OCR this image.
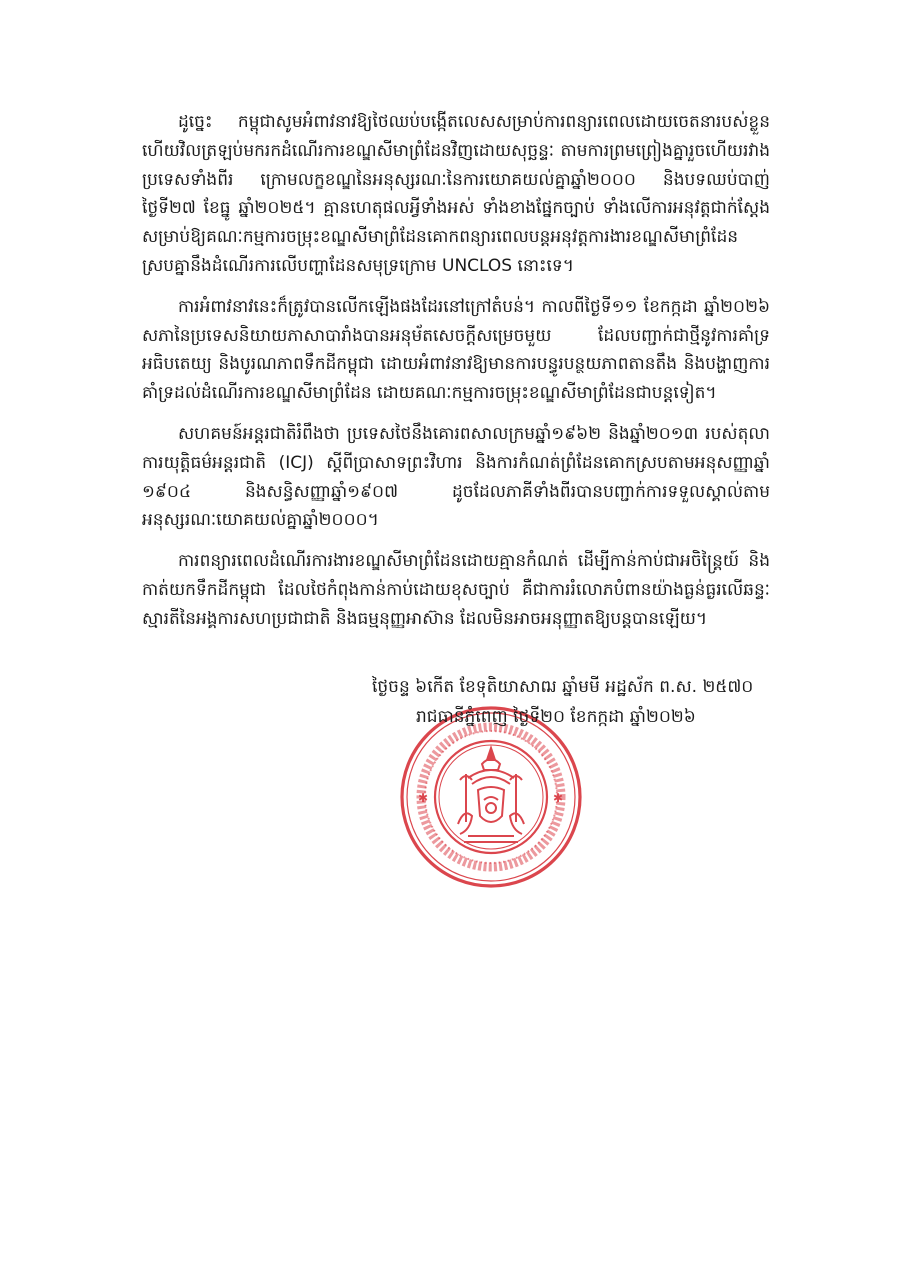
ដូច្នេះ កម្ពុជាសូមអំពាវនាវឱ្យថៃឈប់បង្កើតលេសសម្រាប់ការពន្យារពេលដោយចេតនារបស់ខ្លួន ហើយវិលត្រឡប់មករកដំណើរការខណ្ឌសីមាព្រំដែនវិញដោយសុច្ឆន្ទៈ តាមការព្រមព្រៀងគ្នារួចហើយរវាងប្រទេសទាំងពីរ ក្រោមលក្ខខណ្ឌនៃអនុស្សរណៈនៃការយោគយល់គ្នាឆ្នាំ២០០០ និងបទឈប់បាញ់ថ្ងៃទី២៧ ខែធ្នូ ឆ្នាំ២០២៥។ គ្មានហេតុផលអ្វីទាំងអស់ ទាំងខាងផ្នែកច្បាប់ ទាំងលើការអនុវត្តជាក់ស្តែង សម្រាប់ឱ្យគណៈកម្មការចម្រុះខណ្ឌសីមាព្រំដែនគោកពន្យារពេលបន្តអនុវត្តការងារខណ្ឌសីមាព្រំដែន ស្របគ្នានឹងដំណើរការលើបញ្ហាដែនសមុទ្រក្រោម UNCLOS នោះទេ។

ការអំពាវនាវនេះក៏ត្រូវបានលើកឡើងផងដែរនៅក្រៅតំបន់។ កាលពីថ្ងៃទី១១ ខែកក្កដា ឆ្នាំ២០២៦ សភានៃប្រទេសនិយាយភាសាបារាំងបានអនុម័តសេចក្តីសម្រេចមួយ ដែលបញ្ជាក់ជាថ្មីនូវការគាំទ្រអធិបតេយ្យ និងបូរណភាពទឹកដីកម្ពុជា ដោយអំពាវនាវឱ្យមានការបន្ធូរបន្ថយភាពតានតឹង និងបង្ហាញការគាំទ្រដល់ដំណើរការខណ្ឌសីមាព្រំដែន ដោយគណៈកម្មការចម្រុះខណ្ឌសីមាព្រំដែនជាបន្តទៀត។

សហគមន៍អន្តរជាតិរំពឹងថា ប្រទេសថៃនឹងគោរពសាលក្រមឆ្នាំ១៩៦២ និងឆ្នាំ២០១៣ របស់តុលាការយុត្តិធម៌អន្តរជាតិ (ICJ) ស្តីពីប្រាសាទព្រះវិហារ និងការកំណត់ព្រំដែនគោកស្របតាមអនុសញ្ញាឆ្នាំ ១៩០៤ និងសន្ធិសញ្ញាឆ្នាំ១៩០៧ ដូចដែលភាគីទាំងពីរបានបញ្ជាក់ការទទួលស្គាល់តាមអនុស្សរណៈយោគយល់គ្នាឆ្នាំ២០០០។

ការពន្យារពេលដំណើរការងារខណ្ឌសីមាព្រំដែនដោយគ្មានកំណត់ ដើម្បីកាន់កាប់ជាអចិន្ត្រៃយ៍ និងកាត់យកទឹកដីកម្ពុជា ដែលថៃកំពុងកាន់កាប់ដោយខុសច្បាប់ គឺជាការរំលោភបំពានយ៉ាងធ្ងន់ធ្ងរលើឆន្ទៈស្មារតីនៃអង្គការសហប្រជាជាតិ និងធម្មនុញ្ញអាស៊ាន ដែលមិនអាចអនុញ្ញាតឱ្យបន្តបានឡើយ។

✱	✱
ថ្ងៃចន្ទ ៦កើត ខែទុតិយាសាឍ ឆ្នាំមមី អដ្ឋស័ក ព.ស. ២៥៧០
រាជធានីភ្នំពេញ ថ្ងៃទី២០ ខែកក្កដា ឆ្នាំ២០២៦
